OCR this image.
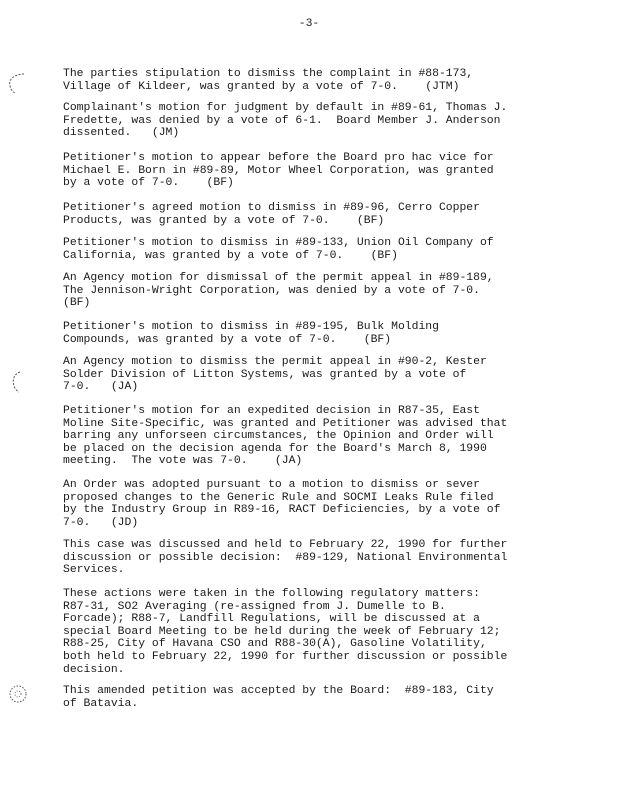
-3-

The parties stipulation to dismiss the complaint in #88-173,
Village of Kildeer, was granted by a vote of 7-0.    (JTM)

Complainant's motion for judgment by default in #89-61, Thomas J.
Fredette, was denied by a vote of 6-1.  Board Member J. Anderson
dissented.   (JM)

Petitioner's motion to appear before the Board pro hac vice for
Michael E. Born in #89-89, Motor Wheel Corporation, was granted
by a vote of 7-0.    (BF)

Petitioner's agreed motion to dismiss in #89-96, Cerro Copper
Products, was granted by a vote of 7-0.    (BF)

Petitioner's motion to dismiss in #89-133, Union Oil Company of
California, was granted by a vote of 7-0.    (BF)

An Agency motion for dismissal of the permit appeal in #89-189,
The Jennison-Wright Corporation, was denied by a vote of 7-0.
(BF)

Petitioner's motion to dismiss in #89-195, Bulk Molding
Compounds, was granted by a vote of 7-0.    (BF)

An Agency motion to dismiss the permit appeal in #90-2, Kester
Solder Division of Litton Systems, was granted by a vote of
7-0.   (JA)

Petitioner's motion for an expedited decision in R87-35, East
Moline Site-Specific, was granted and Petitioner was advised that
barring any unforseen circumstances, the Opinion and Order will
be placed on the decision agenda for the Board's March 8, 1990
meeting.  The vote was 7-0.    (JA)

An Order was adopted pursuant to a motion to dismiss or sever
proposed changes to the Generic Rule and SOCMI Leaks Rule filed
by the Industry Group in R89-16, RACT Deficiencies, by a vote of
7-0.   (JD)

This case was discussed and held to February 22, 1990 for further
discussion or possible decision:  #89-129, National Environmental
Services.

These actions were taken in the following regulatory matters:
R87-31, SO2 Averaging (re-assigned from J. Dumelle to B.
Forcade); R88-7, Landfill Regulations, will be discussed at a
special Board Meeting to be held during the week of February 12;
R88-25, City of Havana CSO and R88-30(A), Gasoline Volatility,
both held to February 22, 1990 for further discussion or possible
decision.

This amended petition was accepted by the Board:  #89-183, City
of Batavia.
